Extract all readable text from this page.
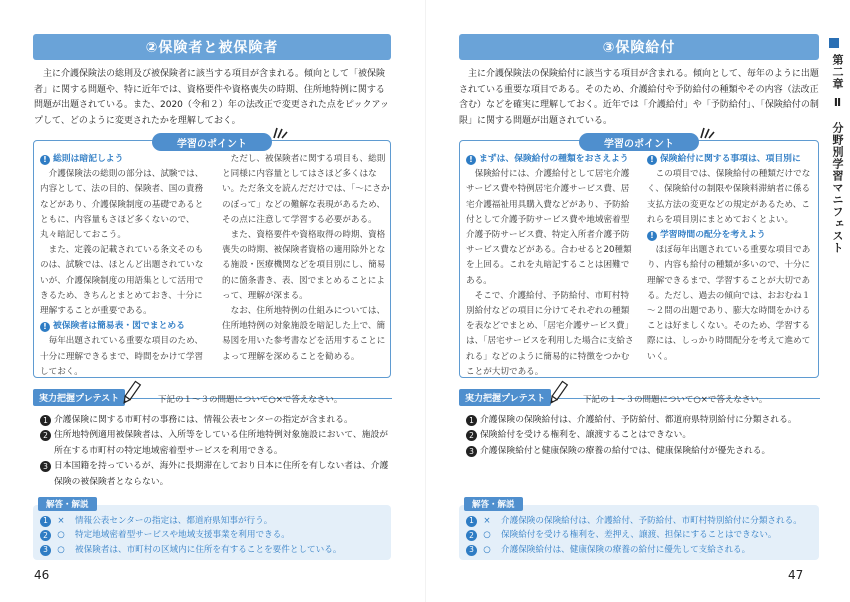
②保険者と被保険者
主に介護保険法の総則及び被保険者に該当する項目が含まれる。傾向として「被保険者」に関する問題や、特に近年では、資格要件や資格喪失の時期、住所地特例に関する問題が出題されている。また、2020（令和２）年の法改正で変更された点をピックアップして、どのように変更されたかを理解しておく。
学習のポイント
! 総則は暗記しよう
介護保険法の総則の部分は、試験では、内容として、法の目的、保険者、国の責務などがあり、介護保険制度の基礎であるとともに、内容量もさほど多くないので、丸々暗記しておこう。
また、定義の記載されている条文そのものは、試験では、ほとんど出題されていないが、介護保険制度の用語集として活用できるため、きちんとまとめておき、十分に理解することが重要である。
! 被保険者は簡易表・図でまとめる
毎年出題されている重要な項目のため、十分に理解できるまで、時間をかけて学習しておく。
ただし、被保険者に関する項目も、総則と同様に内容量としてはさほど多くはない。ただ条文を読んだだけでは、「～にさかのぼって」などの難解な表現があるため、その点に注意して学習する必要がある。
また、資格要件や資格取得の時期、資格喪失の時期、被保険者資格の適用除外となる施設・医療機関などを項目別にし、簡易的に箇条書き、表、図でまとめることによって、理解が深まる。
なお、住所地特例の仕組みについては、住所地特例の対象施設を暗記した上で、簡易図を用いた参考書などを活用することによって理解を深めることを勧める。
実力把握プレテスト	下記の１～３の問題について○×で答えなさい。
1 介護保険に関する市町村の事務には、情報公表センターの指定が含まれる。
2 住所地特例適用被保険者は、入所等をしている住所地特例対象施設において、施設が所在する市町村の特定地域密着型サービスを利用できる。
3 日本国籍を持っているが、海外に長期滞在しており日本に住所を有しない者は、介護保険の被保険者とならない。
解答・解説
1	×	情報公表センターの指定は、都道府県知事が行う。
2	○	特定地域密着型サービスや地域支援事業を利用できる。
3	○	被保険者は、市町村の区域内に住所を有することを要件としている。
46
③保険給付
主に介護保険法の保険給付に該当する項目が含まれる。傾向として、毎年のように出題されている重要な項目である。そのため、介護給付や予防給付の種類やその内容（法改正含む）などを確実に理解しておく。近年では「介護給付」や「予防給付」、「保険給付の制限」に関する問題が出題されている。
学習のポイント
! まずは、保険給付の種類をおさえよう
保険給付には、介護給付として居宅介護サービス費や特例居宅介護サービス費、居宅介護福祉用具購入費などがあり、予防給付として介護予防サービス費や地域密着型介護予防サービス費、特定入所者介護予防サービス費などがある。合わせると20種類を上回る。これを丸暗記することは困難である。
そこで、介護給付、予防給付、市町村特別給付などの項目に分けてそれぞれの種類を表などでまとめ、「居宅介護サービス費」は、「居宅サービスを利用した場合に支給される」などのように簡易的に特徴をつかむことが大切である。
! 保険給付に関する事項は、項目別に
この項目では、保険給付の種類だけでなく、保険給付の制限や保険料滞納者に係る支払方法の変更などの規定があるため、これらを項目別にまとめておくとよい。
! 学習時間の配分を考えよう
ほぼ毎年出題されている重要な項目であり、内容も給付の種類が多いので、十分に理解できるまで、学習することが大切である。ただし、過去の傾向では、おおむね１～２問の出題であり、膨大な時間をかけることは好ましくない。そのため、学習する際には、しっかり時間配分を考えて進めていく。
実力把握プレテスト	下記の１～３の問題について○×で答えなさい。
1 介護保険の保険給付は、介護給付、予防給付、都道府県特別給付に分類される。
2 保険給付を受ける権利を、譲渡することはできない。
3 介護保険給付と健康保険の療養の給付では、健康保険給付が優先される。
解答・解説
1	×	介護保険の保険給付は、介護給付、予防給付、市町村特別給付に分類される。
2	○	保険給付を受ける権利を、差押え、譲渡、担保にすることはできない。
3	○	介護保険給付は、健康保険の療養の給付に優先して支給される。
47
第二章
Ⅱ　分野別学習マニフェスト
